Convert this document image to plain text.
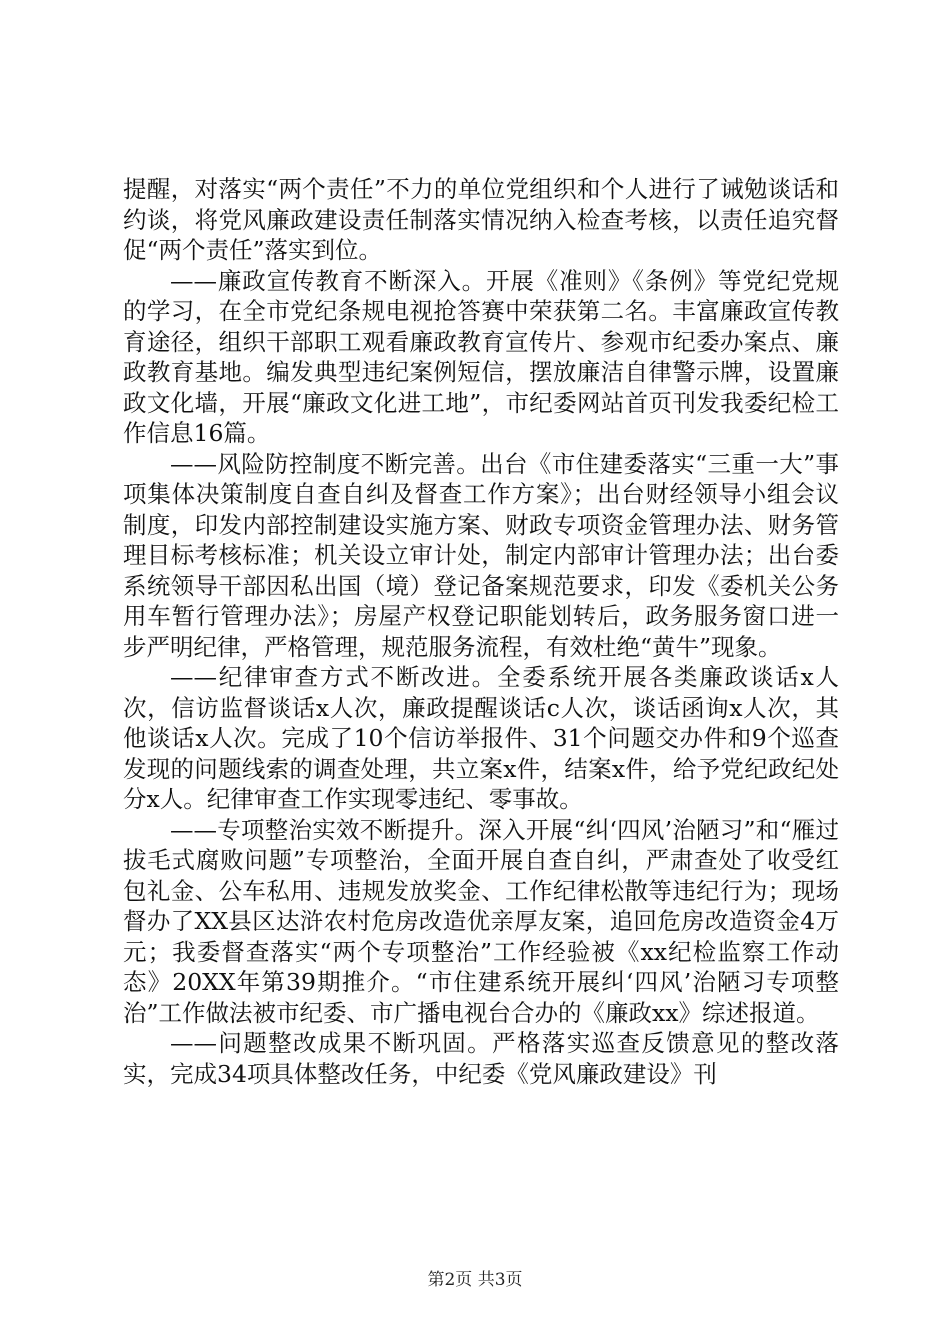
提醒，对落实“两个责任”不力的单位党组织和个人进行了诫勉谈话和约谈，将党风廉政建设责任制落实情况纳入检查考核，以责任追究督促“两个责任”落实到位。

——廉政宣传教育不断深入。开展《准则》《条例》等党纪党规的学习，在全市党纪条规电视抢答赛中荣获第二名。丰富廉政宣传教育途径，组织干部职工观看廉政教育宣传片、参观市纪委办案点、廉政教育基地。编发典型违纪案例短信，摆放廉洁自律警示牌，设置廉政文化墙，开展“廉政文化进工地”，市纪委网站首页刊发我委纪检工作信息16篇。

——风险防控制度不断完善。出台《市住建委落实“三重一大”事项集体决策制度自查自纠及督查工作方案》；出台财经领导小组会议制度，印发内部控制建设实施方案、财政专项资金管理办法、财务管理目标考核标准；机关设立审计处，制定内部审计管理办法；出台委系统领导干部因私出国（境）登记备案规范要求，印发《委机关公务用车暂行管理办法》；房屋产权登记职能划转后，政务服务窗口进一步严明纪律，严格管理，规范服务流程，有效杜绝“黄牛”现象。

——纪律审查方式不断改进。全委系统开展各类廉政谈话x人次，信访监督谈话x人次，廉政提醒谈话c人次，谈话函询x人次，其他谈话x人次。完成了10个信访举报件、31个问题交办件和9个巡查发现的问题线索的调查处理，共立案x件，结案x件，给予党纪政纪处分x人。纪律审查工作实现零违纪、零事故。

——专项整治实效不断提升。深入开展“纠‘四风’治陋习”和“雁过拔毛式腐败问题”专项整治，全面开展自查自纠，严肃查处了收受红包礼金、公车私用、违规发放奖金、工作纪律松散等违纪行为；现场督办了XX县区达浒农村危房改造优亲厚友案，追回危房改造资金4万元；我委督查落实“两个专项整治”工作经验被《xx纪检监察工作动态》20XX年第39期推介。“市住建系统开展纠‘四风’治陋习专项整治”工作做法被市纪委、市广播电视台合办的《廉政xx》综述报道。

——问题整改成果不断巩固。严格落实巡查反馈意见的整改落实，完成34项具体整改任务，中纪委《党风廉政建设》刊

第2页 共3页
